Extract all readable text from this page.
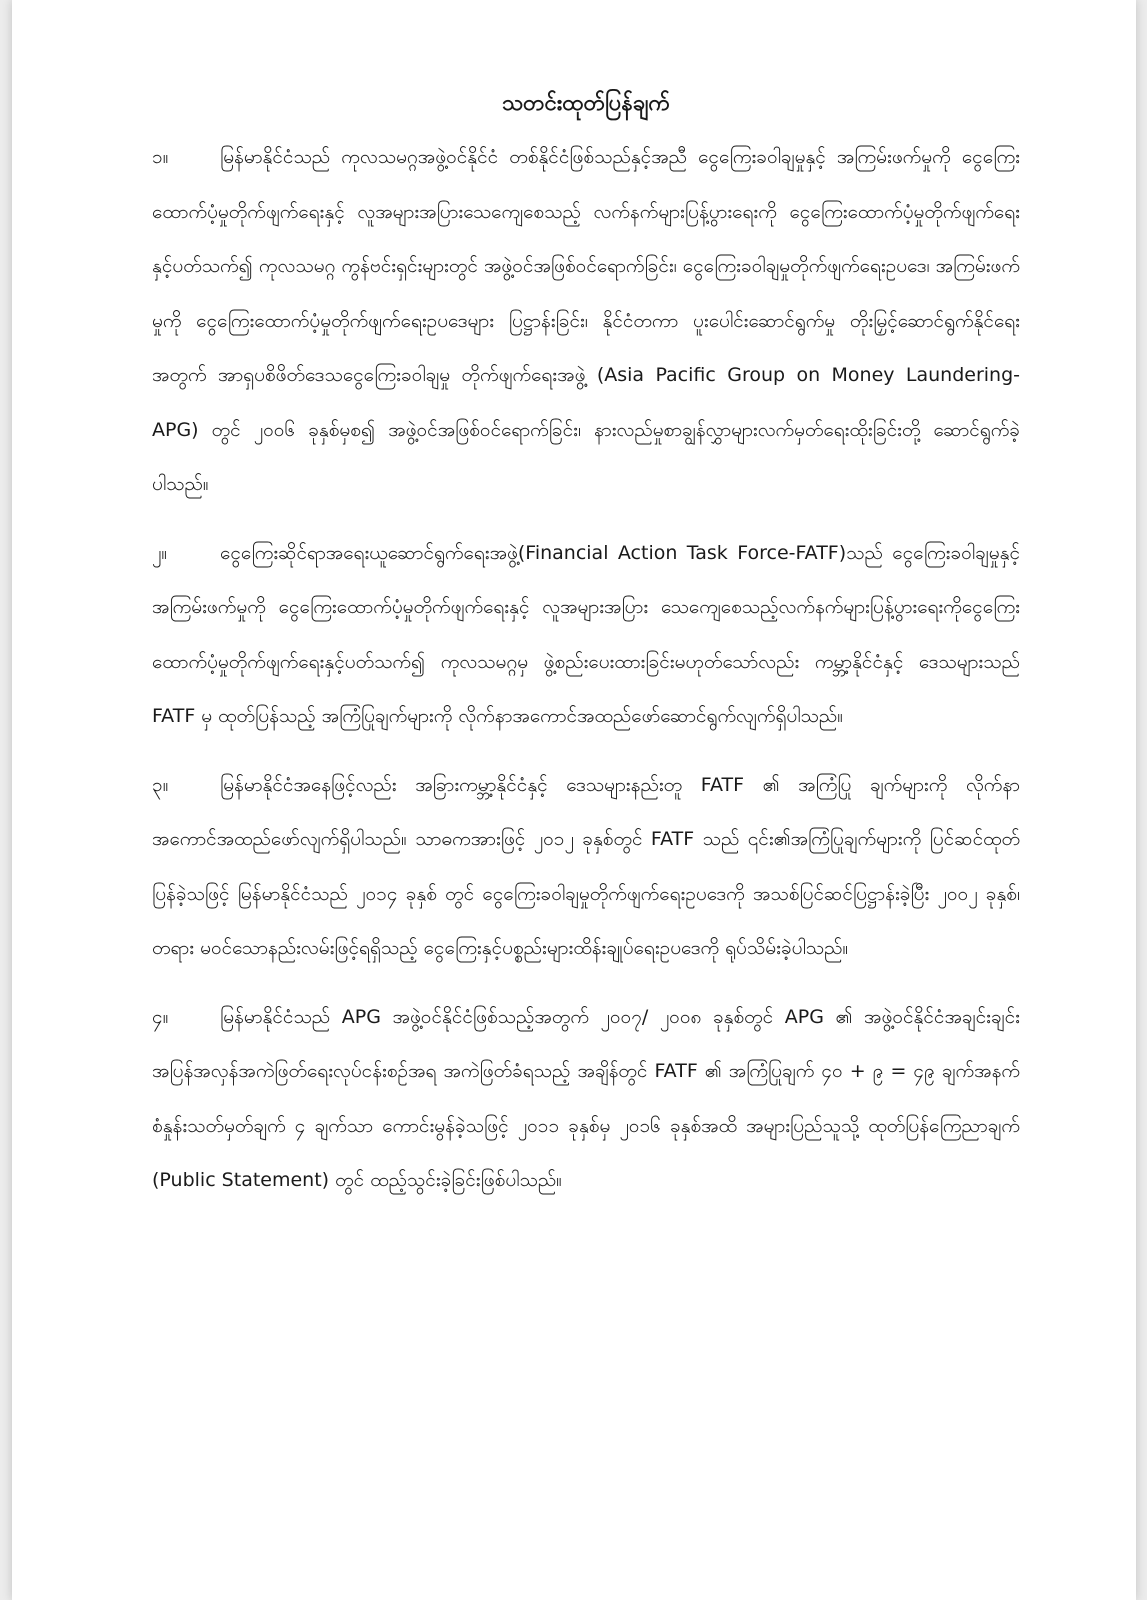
သတင်းထုတ်ပြန်ချက်
၁။	မြန်မာနိုင်ငံသည် ကုလသမဂ္ဂအဖွဲ့ဝင်နိုင်ငံ တစ်နိုင်ငံဖြစ်သည်နှင့်အညီ ငွေကြေးခဝါချမှုနှင့် အကြမ်းဖက်မှုကို ငွေကြေးထောက်ပံ့မှုတိုက်ဖျက်ရေးနှင့် လူအများအပြားသေကျေစေသည့် လက်နက်များပြန့်ပွားရေးကို ငွေကြေးထောက်ပံ့မှုတိုက်ဖျက်ရေးနှင့်ပတ်သက်၍ ကုလသမဂ္ဂ ကွန်ဗင်းရှင်းများတွင် အဖွဲ့ဝင်အဖြစ်ဝင်ရောက်ခြင်း၊ ငွေကြေးခဝါချမှုတိုက်ဖျက်ရေးဥပဒေ၊ အကြမ်းဖက်မှုကို ငွေကြေးထောက်ပံ့မှုတိုက်ဖျက်ရေးဥပဒေများ ပြဋ္ဌာန်းခြင်း၊ နိုင်ငံတကာ ပူးပေါင်းဆောင်ရွက်မှု တိုးမြှင့်ဆောင်ရွက်နိုင်ရေးအတွက် အာရှပစိဖိတ်ဒေသငွေကြေးခဝါချမှု တိုက်ဖျက်ရေးအဖွဲ့ (Asia Pacific Group on Money Laundering-APG) တွင် ၂၀၀၆ ခုနှစ်မှစ၍ အဖွဲ့ဝင်အဖြစ်ဝင်ရောက်ခြင်း၊ နားလည်မှုစာချွန်လွှာများလက်မှတ်ရေးထိုးခြင်းတို့ ဆောင်ရွက်ခဲ့ ပါသည်။
၂။	ငွေကြေးဆိုင်ရာအရေးယူဆောင်ရွက်ရေးအဖွဲ့(Financial Action Task Force-FATF)သည် ငွေကြေးခဝါချမှုနှင့် အကြမ်းဖက်မှုကို ငွေကြေးထောက်ပံ့မှုတိုက်ဖျက်ရေးနှင့် လူအများအပြား သေကျေစေသည့်လက်နက်များပြန့်ပွားရေးကိုငွေကြေးထောက်ပံ့မှုတိုက်ဖျက်ရေးနှင့်ပတ်သက်၍ ကုလသမဂ္ဂမှ ဖွဲ့စည်းပေးထားခြင်းမဟုတ်သော်လည်း ကမ္ဘာ့နိုင်ငံနှင့် ဒေသများသည် FATF မှ ထုတ်ပြန်သည့် အကြံပြုချက်များကို လိုက်နာအကောင်အထည်ဖော်ဆောင်ရွက်လျက်ရှိပါသည်။
၃။	မြန်မာနိုင်ငံအနေဖြင့်လည်း အခြားကမ္ဘာ့နိုင်ငံနှင့် ဒေသများနည်းတူ FATF ၏ အကြံပြု ချက်များကို လိုက်နာအကောင်အထည်ဖော်လျက်ရှိပါသည်။ သာဓကအားဖြင့် ၂၀၁၂ ခုနှစ်တွင် FATF သည် ၎င်း၏အကြံပြုချက်များကို ပြင်ဆင်ထုတ်ပြန်ခဲ့သဖြင့် မြန်မာနိုင်ငံသည် ၂၀၁၄ ခုနှစ် တွင် ငွေကြေးခဝါချမှုတိုက်ဖျက်ရေးဥပဒေကို အသစ်ပြင်ဆင်ပြဋ္ဌာန်းခဲ့ပြီး ၂၀၀၂ ခုနှစ်၊ တရား မဝင်သောနည်းလမ်းဖြင့်ရရှိသည့် ငွေကြေးနှင့်ပစ္စည်းများထိန်းချုပ်ရေးဥပဒေကို ရုပ်သိမ်းခဲ့ပါသည်။
၄။	မြန်မာနိုင်ငံသည် APG အဖွဲ့ဝင်နိုင်ငံဖြစ်သည့်အတွက် ၂၀၀၇/ ၂၀၀၈ ခုနှစ်တွင် APG ၏ အဖွဲ့ဝင်နိုင်ငံအချင်းချင်း အပြန်အလှန်အကဲဖြတ်ရေးလုပ်ငန်းစဉ်အရ အကဲဖြတ်ခံရသည့် အချိန်တွင် FATF ၏ အကြံပြုချက် ၄၀ + ၉ = ၄၉ ချက်အနက် စံနှုန်းသတ်မှတ်ချက် ၄ ချက်သာ ကောင်းမွန်ခဲ့သဖြင့် ၂၀၁၁ ခုနှစ်မှ ၂၀၁၆ ခုနှစ်အထိ အများပြည်သူသို့ ထုတ်ပြန်ကြေညာချက် (Public Statement) တွင် ထည့်သွင်းခဲ့ခြင်းဖြစ်ပါသည်။
